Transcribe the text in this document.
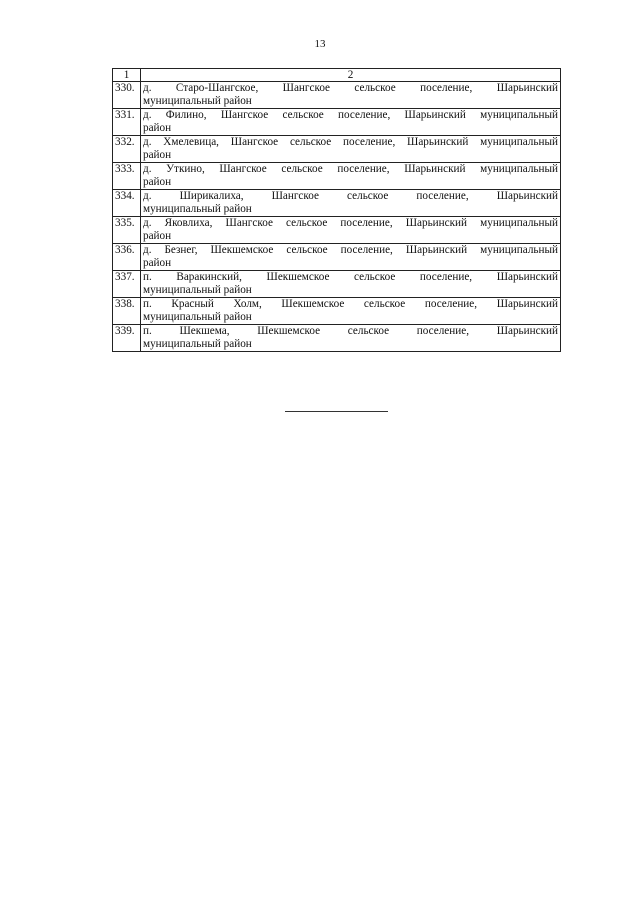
13
1	2
330.	д. Старо-Шангское, Шангское сельское поселение, Шарьинский
муниципальный район

331.	д. Филино, Шангское сельское поселение, Шарьинский муниципальный
район

332.	д. Хмелевица, Шангское сельское поселение, Шарьинский муниципальный
район

333.	д. Уткино, Шангское сельское поселение, Шарьинский муниципальный
район

334.	д. Ширикалиха, Шангское сельское поселение, Шарьинский
муниципальный район

335.	д. Яковлиха, Шангское сельское поселение, Шарьинский муниципальный
район

336.	д. Безнег, Шекшемское сельское поселение, Шарьинский муниципальный
район

337.	п. Варакинский, Шекшемское сельское поселение, Шарьинский
муниципальный район

338.	п. Красный Холм, Шекшемское сельское поселение, Шарьинский
муниципальный район

339.	п. Шекшема, Шекшемское сельское поселение, Шарьинский
муниципальный район
